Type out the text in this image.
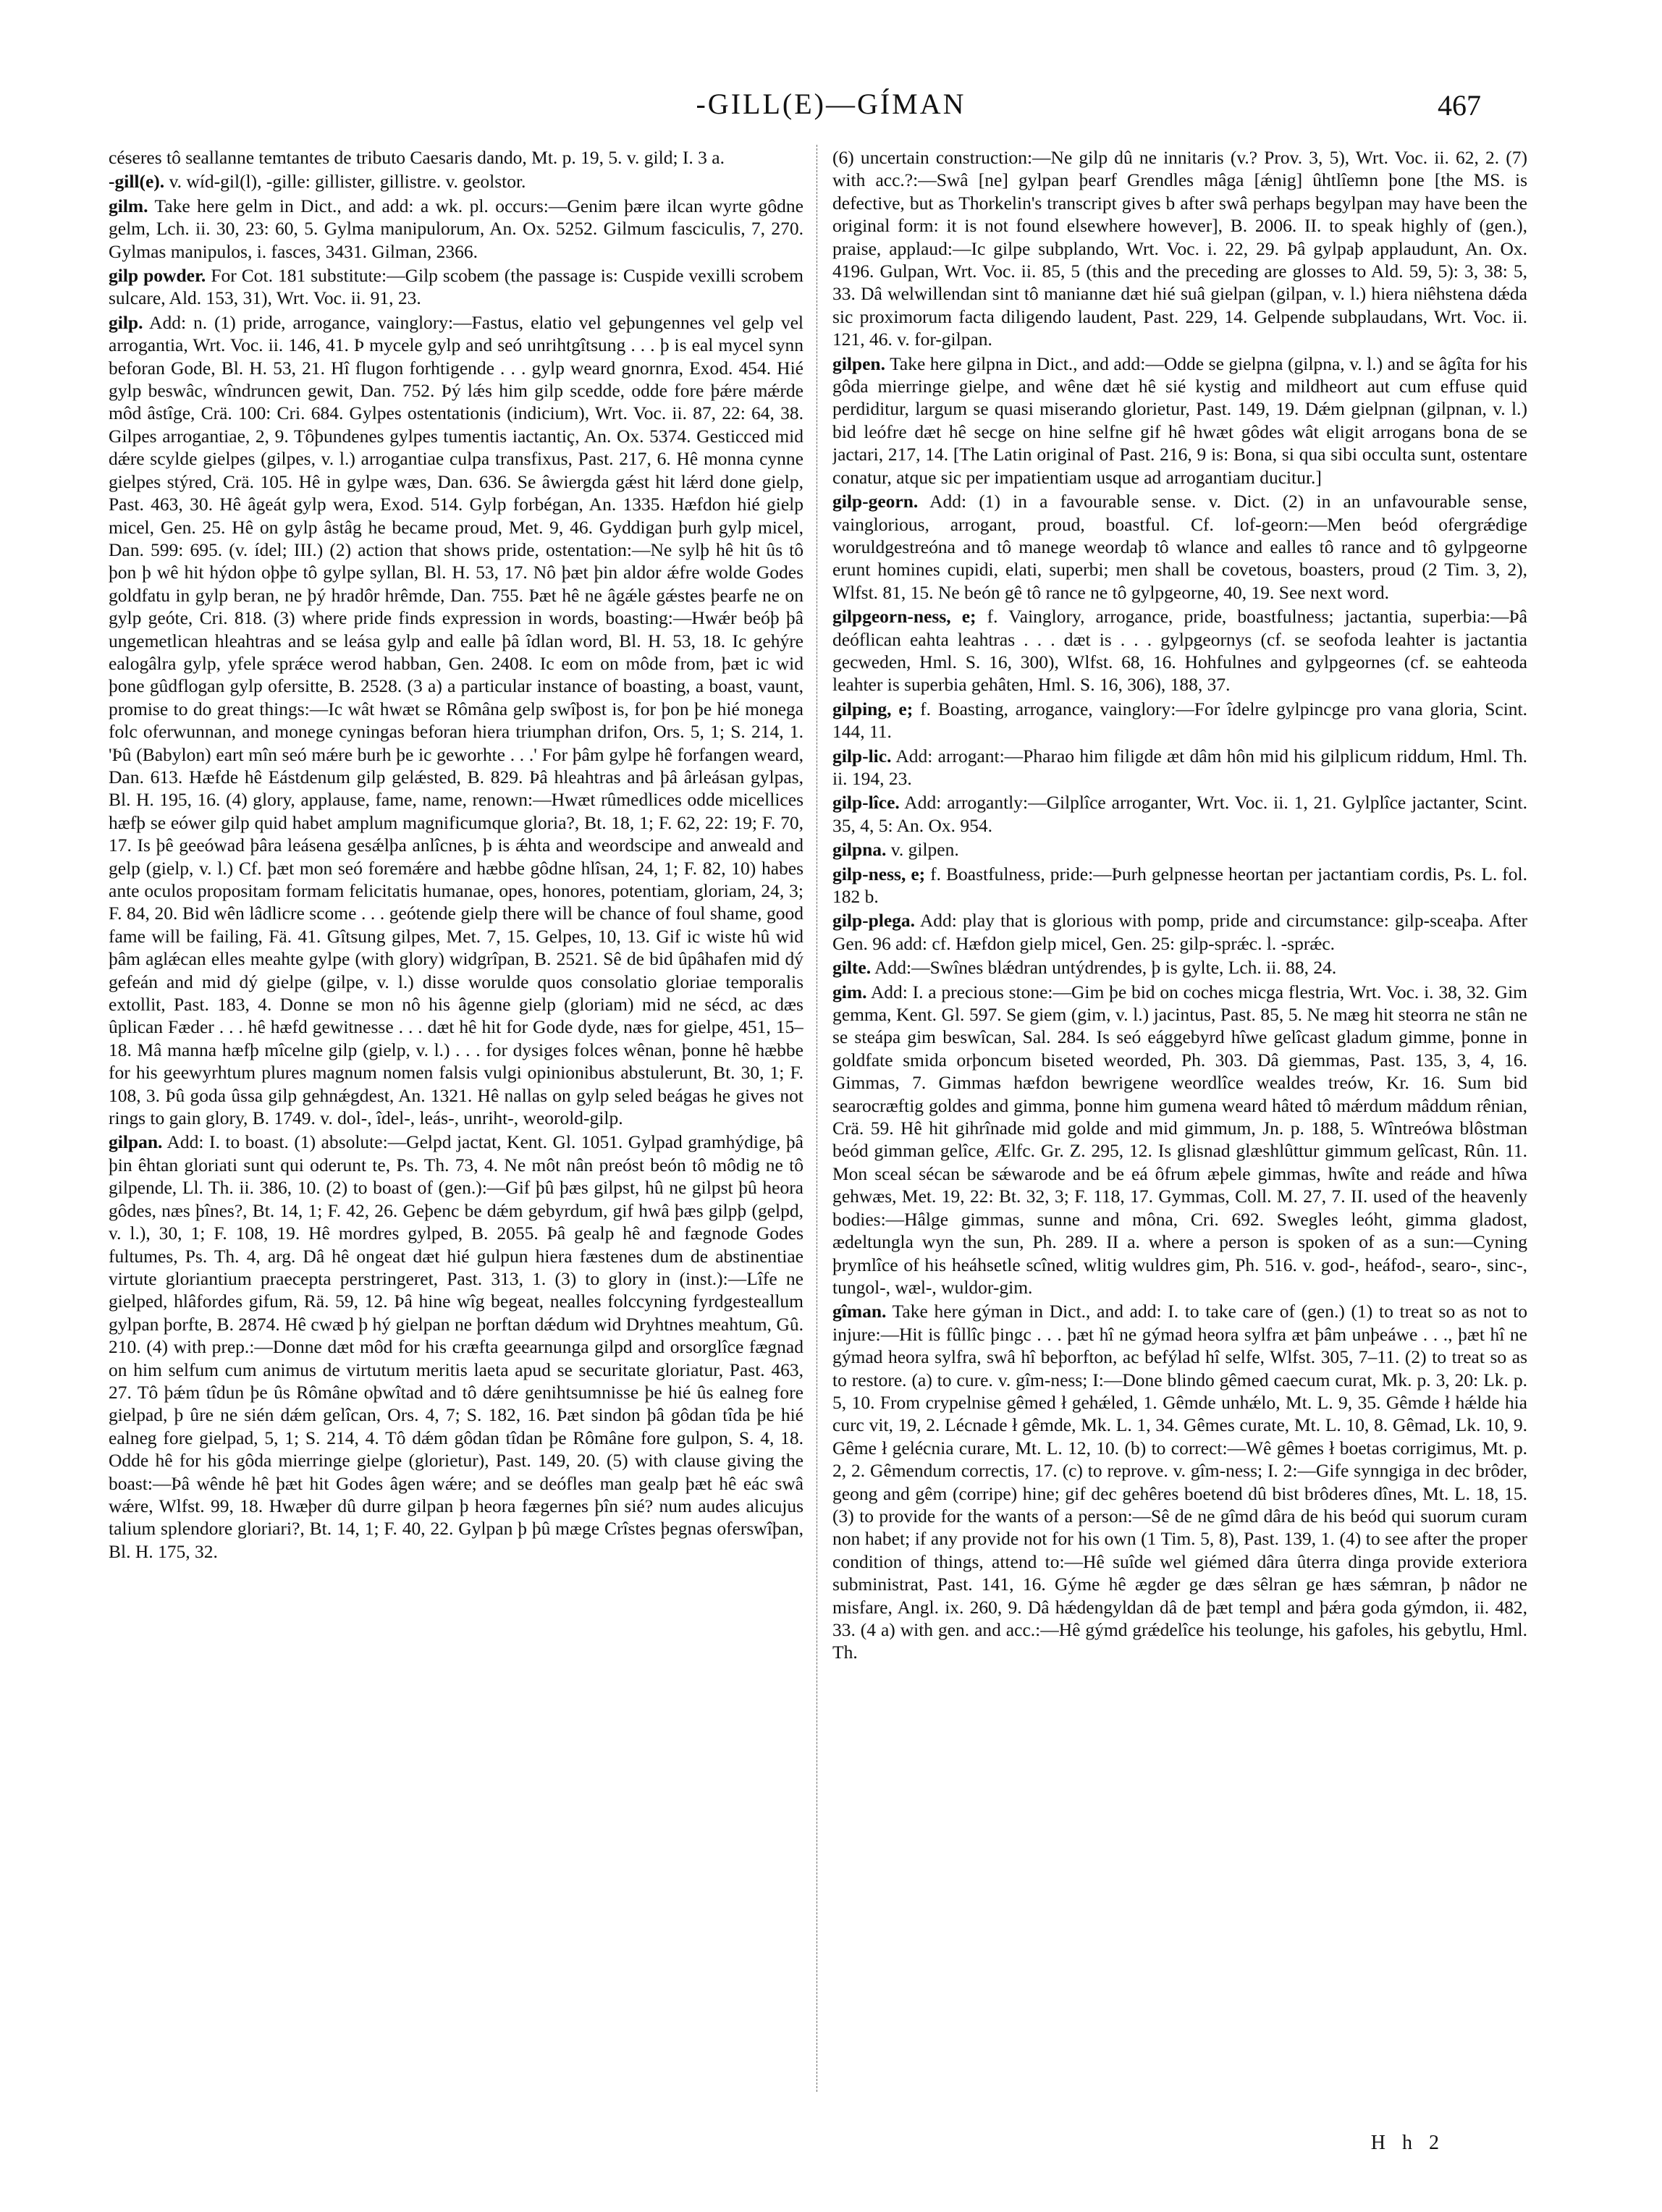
-GILL(E)—GÍMAN	467

céseres tô seallanne temtantes de tributo Caesaris dando, Mt. p. 19, 5. v. gild; I. 3 a.

-gill(e). v. wíd-gil(l), -gille: gillister, gillistre. v. geolstor.

gilm. Take here gelm in Dict., and add: a wk. pl. occurs:—Genim þære ilcan wyrte gôdne gelm, Lch. ii. 30, 23: 60, 5. Gylma manipulorum, An. Ox. 5252. Gilmum fasciculis, 7, 270. Gylmas manipulos, i. fasces, 3431. Gilman, 2366.

gilp powder. For Cot. 181 substitute:—Gilp scobem (the passage is: Cuspide vexilli scrobem sulcare, Ald. 153, 31), Wrt. Voc. ii. 91, 23.

gilp. Add: n. (1) pride, arrogance, vainglory:—Fastus, elatio vel geþungennes vel gelp vel arrogantia, Wrt. Voc. ii. 146, 41. Þ mycele gylp and seó unrihtgîtsung . . . þ is eal mycel synn beforan Gode, Bl. H. 53, 21. Hî flugon forhtigende . . . gylp weard gnornra, Exod. 454. Hié gylp beswâc, wîndruncen gewit, Dan. 752. Þý lǽs him gilp scedde, odde fore þǽre mǽrde môd âstîge, Crä. 100: Cri. 684. Gylpes ostentationis (indicium), Wrt. Voc. ii. 87, 22: 64, 38. Gilpes arrogantiae, 2, 9. Tôþundenes gylpes tumentis iactantiç, An. Ox. 5374. Gesticced mid dǽre scylde gielpes (gilpes, v. l.) arrogantiae culpa transfixus, Past. 217, 6. Hê monna cynne gielpes stýred, Crä. 105. Hê in gylpe wæs, Dan. 636. Se âwiergda gǽst hit lǽrd done gielp, Past. 463, 30. Hê âgeát gylp wera, Exod. 514. Gylp forbégan, An. 1335. Hæfdon hié gielp micel, Gen. 25. Hê on gylp âstâg he became proud, Met. 9, 46. Gyddigan þurh gylp micel, Dan. 599: 695. (v. ídel; III.) (2) action that shows pride, ostentation:—Ne sylþ hê hit ûs tô þon þ wê hit hýdon oþþe tô gylpe syllan, Bl. H. 53, 17. Nô þæt þin aldor ǽfre wolde Godes goldfatu in gylp beran, ne þý hradôr hrêmde, Dan. 755. Þæt hê ne âgǽle gǽstes þearfe ne on gylp geóte, Cri. 818. (3) where pride finds expression in words, boasting:—Hwǽr beóþ þâ ungemetlican hleahtras and se leása gylp and ealle þâ îdlan word, Bl. H. 53, 18. Ic gehýre ealogâlra gylp, yfele sprǽce werod habban, Gen. 2408. Ic eom on môde from, þæt ic wid þone gûdflogan gylp ofersitte, B. 2528. (3 a) a particular instance of boasting, a boast, vaunt, promise to do great things:—Ic wât hwæt se Rômâna gelp swîþost is, for þon þe hié monega folc oferwunnan, and monege cyningas beforan hiera triumphan drifon, Ors. 5, 1; S. 214, 1. 'Þû (Babylon) eart mîn seó mǽre burh þe ic geworhte . . .' For þâm gylpe hê forfangen weard, Dan. 613. Hæfde hê Eástdenum gilp gelǽsted, B. 829. Þâ hleahtras and þâ ârleásan gylpas, Bl. H. 195, 16. (4) glory, applause, fame, name, renown:—Hwæt rûmedlices odde micellices hæfþ se eówer gilp quid habet amplum magnificumque gloria?, Bt. 18, 1; F. 62, 22: 19; F. 70, 17. Is þê geeówad þâra leásena gesǽlþa anlîcnes, þ is ǽhta and weordscipe and anweald and gelp (gielp, v. l.) Cf. þæt mon seó foremǽre and hæbbe gôdne hlîsan, 24, 1; F. 82, 10) habes ante oculos propositam formam felicitatis humanae, opes, honores, potentiam, gloriam, 24, 3; F. 84, 20. Bid wên lâdlicre scome . . . geótende gielp there will be chance of foul shame, good fame will be failing, Fä. 41. Gîtsung gilpes, Met. 7, 15. Gelpes, 10, 13. Gif ic wiste hû wid þâm aglǽcan elles meahte gylpe (with glory) widgrîpan, B. 2521. Sê de bid ûpâhafen mid dý gefeán and mid dý gielpe (gilpe, v. l.) disse worulde quos consolatio gloriae temporalis extollit, Past. 183, 4. Donne se mon nô his âgenne gielp (gloriam) mid ne sécd, ac dæs ûplican Fæder . . . hê hæfd gewitnesse . . . dæt hê hit for Gode dyde, næs for gielpe, 451, 15–18. Mâ manna hæfþ mîcelne gilp (gielp, v. l.) . . . for dysiges folces wênan, þonne hê hæbbe for his geewyrhtum plures magnum nomen falsis vulgi opinionibus abstulerunt, Bt. 30, 1; F. 108, 3. Þû goda ûssa gilp gehnǽgdest, An. 1321. Hê nallas on gylp seled beágas he gives not rings to gain glory, B. 1749. v. dol-, îdel-, leás-, unriht-, weorold-gilp.

gilpan. Add: I. to boast. (1) absolute:—Gelpd jactat, Kent. Gl. 1051. Gylpad gramhýdige, þâ þin êhtan gloriati sunt qui oderunt te, Ps. Th. 73, 4. Ne môt nân preóst beón tô môdig ne tô gilpende, Ll. Th. ii. 386, 10. (2) to boast of (gen.):—Gif þû þæs gilpst, hû ne gilpst þû heora gôdes, næs þînes?, Bt. 14, 1; F. 42, 26. Geþenc be dǽm gebyrdum, gif hwâ þæs gilpþ (gelpd, v. l.), 30, 1; F. 108, 19. Hê mordres gylped, B. 2055. Þâ gealp hê and fægnode Godes fultumes, Ps. Th. 4, arg. Dâ hê ongeat dæt hié gulpun hiera fæstenes dum de abstinentiae virtute gloriantium praecepta perstringeret, Past. 313, 1. (3) to glory in (inst.):—Lîfe ne gielped, hlâfordes gifum, Rä. 59, 12. Þâ hine wîg begeat, nealles folccyning fyrdgesteallum gylpan þorfte, B. 2874. Hê cwæd þ hý gielpan ne þorftan dǽdum wid Dryhtnes meahtum, Gû. 210. (4) with prep.:—Donne dæt môd for his cræfta geearnunga gilpd and orsorglîce fægnad on him selfum cum animus de virtutum meritis laeta apud se securitate gloriatur, Past. 463, 27. Tô þǽm tîdun þe ûs Rômâne oþwîtad and tô dǽre genihtsumnisse þe hié ûs ealneg fore gielpad, þ ûre ne sién dǽm gelîcan, Ors. 4, 7; S. 182, 16. Þæt sindon þâ gôdan tîda þe hié ealneg fore gielpad, 5, 1; S. 214, 4. Tô dǽm gôdan tîdan þe Rômâne fore gulpon, S. 4, 18. Odde hê for his gôda mierringe gielpe (glorietur), Past. 149, 20. (5) with clause giving the boast:—Þâ wênde hê þæt hit Godes âgen wǽre; and se deófles man gealp þæt hê eác swâ wǽre, Wlfst. 99, 18. Hwæþer dû durre gilpan þ heora fægernes þîn sié? num audes alicujus talium splendore gloriari?, Bt. 14, 1; F. 40, 22. Gylpan þ þû mæge Crîstes þegnas oferswîþan, Bl. H. 175, 32.

(6) uncertain construction:—Ne gilp dû ne innitaris (v.? Prov. 3, 5), Wrt. Voc. ii. 62, 2. (7) with acc.?:—Swâ [ne] gylpan þearf Grendles mâga [ǽnig] ûhtlîemn þone [the MS. is defective, but as Thorkelin's transcript gives b after swâ perhaps begylpan may have been the original form: it is not found elsewhere however], B. 2006. II. to speak highly of (gen.), praise, applaud:—Ic gilpe subplando, Wrt. Voc. i. 22, 29. Þâ gylpaþ applaudunt, An. Ox. 4196. Gulpan, Wrt. Voc. ii. 85, 5 (this and the preceding are glosses to Ald. 59, 5): 3, 38: 5, 33. Dâ welwillendan sint tô manianne dæt hié suâ gielpan (gilpan, v. l.) hiera niêhstena dǽda sic proximorum facta diligendo laudent, Past. 229, 14. Gelpende subplaudans, Wrt. Voc. ii. 121, 46. v. for-gilpan.

gilpen. Take here gilpna in Dict., and add:—Odde se gielpna (gilpna, v. l.) and se âgîta for his gôda mierringe gielpe, and wêne dæt hê sié kystig and mildheort aut cum effuse quid perdiditur, largum se quasi miserando glorietur, Past. 149, 19. Dǽm gielpnan (gilpnan, v. l.) bid leófre dæt hê secge on hine selfne gif hê hwæt gôdes wât eligit arrogans bona de se jactari, 217, 14. [The Latin original of Past. 216, 9 is: Bona, si qua sibi occulta sunt, ostentare conatur, atque sic per impatientiam usque ad arrogantiam ducitur.]

gilp-georn. Add: (1) in a favourable sense. v. Dict. (2) in an unfavourable sense, vainglorious, arrogant, proud, boastful. Cf. lof-georn:—Men beód ofergrǽdige woruldgestreóna and tô manege weordaþ tô wlance and ealles tô rance and tô gylpgeorne erunt homines cupidi, elati, superbi; men shall be covetous, boasters, proud (2 Tim. 3, 2), Wlfst. 81, 15. Ne beón gê tô rance ne tô gylpgeorne, 40, 19. See next word.

gilpgeorn-ness, e; f. Vainglory, arrogance, pride, boastfulness; jactantia, superbia:—Þâ deóflican eahta leahtras . . . dæt is . . . gylpgeornys (cf. se seofoda leahter is jactantia gecweden, Hml. S. 16, 300), Wlfst. 68, 16. Hohfulnes and gylpgeornes (cf. se eahteoda leahter is superbia gehâten, Hml. S. 16, 306), 188, 37.

gilping, e; f. Boasting, arrogance, vainglory:—For îdelre gylpincge pro vana gloria, Scint. 144, 11.

gilp-lic. Add: arrogant:—Pharao him filigde æt dâm hôn mid his gilplicum riddum, Hml. Th. ii. 194, 23.

gilp-lîce. Add: arrogantly:—Gilplîce arroganter, Wrt. Voc. ii. 1, 21. Gylplîce jactanter, Scint. 35, 4, 5: An. Ox. 954.

gilpna. v. gilpen.

gilp-ness, e; f. Boastfulness, pride:—Þurh gelpnesse heortan per jactantiam cordis, Ps. L. fol. 182 b.

gilp-plega. Add: play that is glorious with pomp, pride and circumstance: gilp-sceaþa. After Gen. 96 add: cf. Hæfdon gielp micel, Gen. 25: gilp-sprǽc. l. -sprǽc.

gilte. Add:—Swînes blǽdran untýdrendes, þ is gylte, Lch. ii. 88, 24.

gim. Add: I. a precious stone:—Gim þe bid on coches micga flestria, Wrt. Voc. i. 38, 32. Gim gemma, Kent. Gl. 597. Se giem (gim, v. l.) jacintus, Past. 85, 5. Ne mæg hit steorra ne stân ne se steápa gim beswîcan, Sal. 284. Is seó eággebyrd hîwe gelîcast gladum gimme, þonne in goldfate smida orþoncum biseted weorded, Ph. 303. Dâ giemmas, Past. 135, 3, 4, 16. Gimmas, 7. Gimmas hæfdon bewrigene weordlîce wealdes treów, Kr. 16. Sum bid searocræftig goldes and gimma, þonne him gumena weard hâted tô mǽrdum mâddum rênian, Crä. 59. Hê hit gihrînade mid golde and mid gimmum, Jn. p. 188, 5. Wîntreówa blôstman beód gimman gelîce, Ælfc. Gr. Z. 295, 12. Is glisnad glæshlûttur gimmum gelîcast, Rûn. 11. Mon sceal sécan be sǽwarode and be eá ôfrum æþele gimmas, hwîte and reáde and hîwa gehwæs, Met. 19, 22: Bt. 32, 3; F. 118, 17. Gymmas, Coll. M. 27, 7. II. used of the heavenly bodies:—Hâlge gimmas, sunne and môna, Cri. 692. Swegles leóht, gimma gladost, ædeltungla wyn the sun, Ph. 289. II a. where a person is spoken of as a sun:—Cyning þrymlîce of his heáhsetle scîned, wlitig wuldres gim, Ph. 516. v. god-, heáfod-, searo-, sinc-, tungol-, wæl-, wuldor-gim.

gîman. Take here gýman in Dict., and add: I. to take care of (gen.) (1) to treat so as not to injure:—Hit is fûllîc þingc . . . þæt hî ne gýmad heora sylfra æt þâm unþeáwe . . ., þæt hî ne gýmad heora sylfra, swâ hî beþorfton, ac befýlad hî selfe, Wlfst. 305, 7–11. (2) to treat so as to restore. (a) to cure. v. gîm-ness; I:—Done blindo gêmed caecum curat, Mk. p. 3, 20: Lk. p. 5, 10. From crypelnise gêmed ł gehǽled, 1. Gêmde unhǽlo, Mt. L. 9, 35. Gêmde ł hǽlde hia curc vit, 19, 2. Lécnade ł gêmde, Mk. L. 1, 34. Gêmes curate, Mt. L. 10, 8. Gêmad, Lk. 10, 9. Gême ł gelécnia curare, Mt. L. 12, 10. (b) to correct:—Wê gêmes ł boetas corrigimus, Mt. p. 2, 2. Gêmendum correctis, 17. (c) to reprove. v. gîm-ness; I. 2:—Gife synngiga in dec brôder, geong and gêm (corripe) hine; gif dec gehêres boetend dû bist brôderes dînes, Mt. L. 18, 15. (3) to provide for the wants of a person:—Sê de ne gîmd dâra de his beód qui suorum curam non habet; if any provide not for his own (1 Tim. 5, 8), Past. 139, 1. (4) to see after the proper condition of things, attend to:—Hê suîde wel giémed dâra ûterra dinga provide exteriora subministrat, Past. 141, 16. Gýme hê ægder ge dæs sêlran ge hæs sǽmran, þ nâdor ne misfare, Angl. ix. 260, 9. Dâ hǽdengyldan dâ de þæt templ and þǽra goda gýmdon, ii. 482, 33. (4 a) with gen. and acc.:—Hê gýmd grǽdelîce his teolunge, his gafoles, his gebytlu, Hml. Th.

H h 2
